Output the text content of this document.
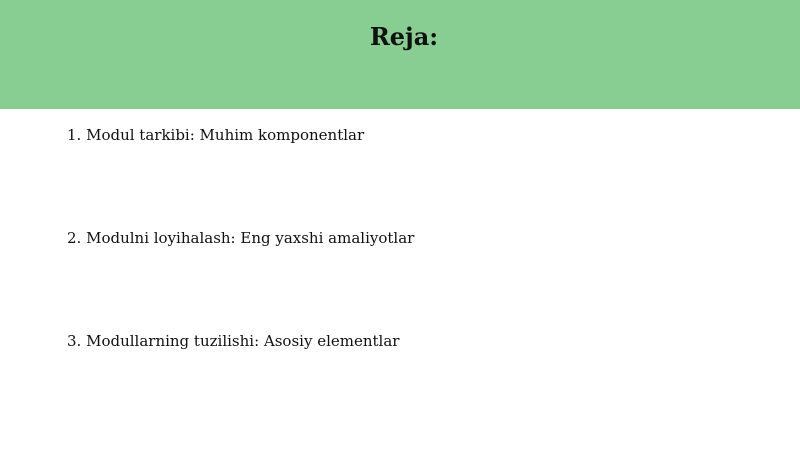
Reja:
1. Modul tarkibi: Muhim komponentlar
2. Modulni loyihalash: Eng yaxshi amaliyotlar
3. Modullarning tuzilishi: Asosiy elementlar
